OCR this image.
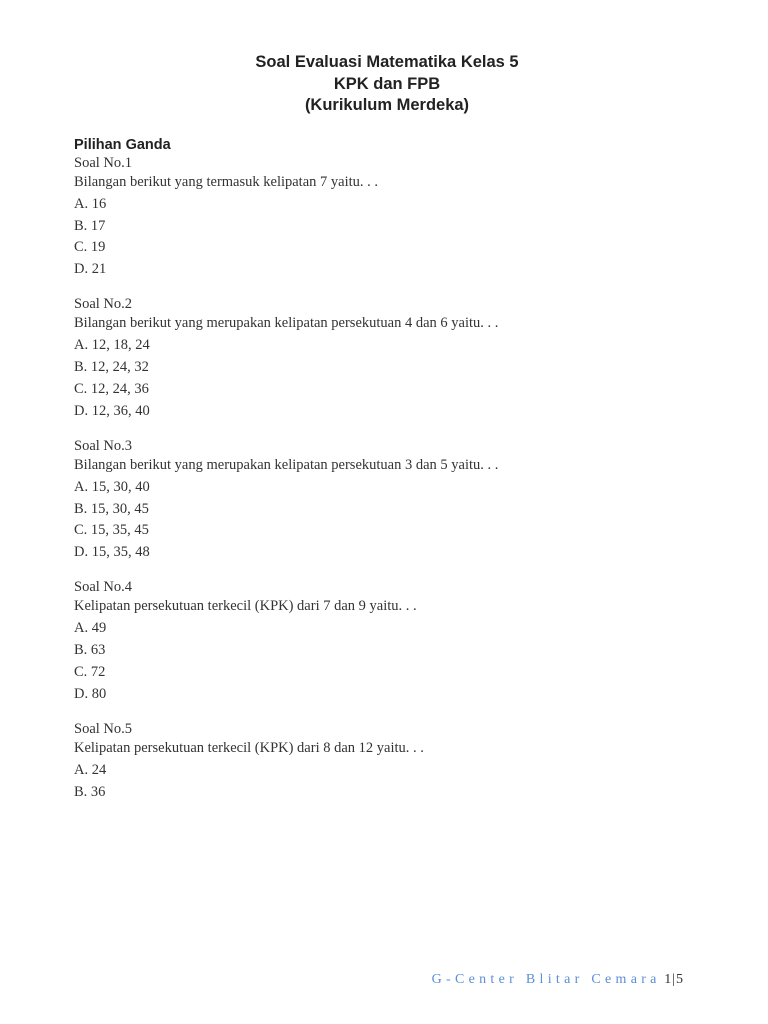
Soal Evaluasi Matematika Kelas 5
KPK dan FPB
(Kurikulum Merdeka)
Pilihan Ganda
Soal No.1
Bilangan berikut yang termasuk kelipatan 7 yaitu. . .
A. 16
B. 17
C. 19
D. 21
Soal No.2
Bilangan berikut yang merupakan kelipatan persekutuan 4 dan 6 yaitu. . .
A. 12, 18, 24
B. 12, 24, 32
C. 12, 24, 36
D. 12, 36, 40
Soal No.3
Bilangan berikut yang merupakan kelipatan persekutuan 3 dan 5 yaitu. . .
A. 15, 30, 40
B. 15, 30, 45
C. 15, 35, 45
D. 15, 35, 48
Soal No.4
Kelipatan persekutuan terkecil (KPK) dari 7 dan 9 yaitu. . .
A. 49
B. 63
C. 72
D. 80
Soal No.5
Kelipatan persekutuan terkecil (KPK) dari 8 dan 12 yaitu. . .
A. 24
B. 36
G-Center Blitar Cemara 1|5
